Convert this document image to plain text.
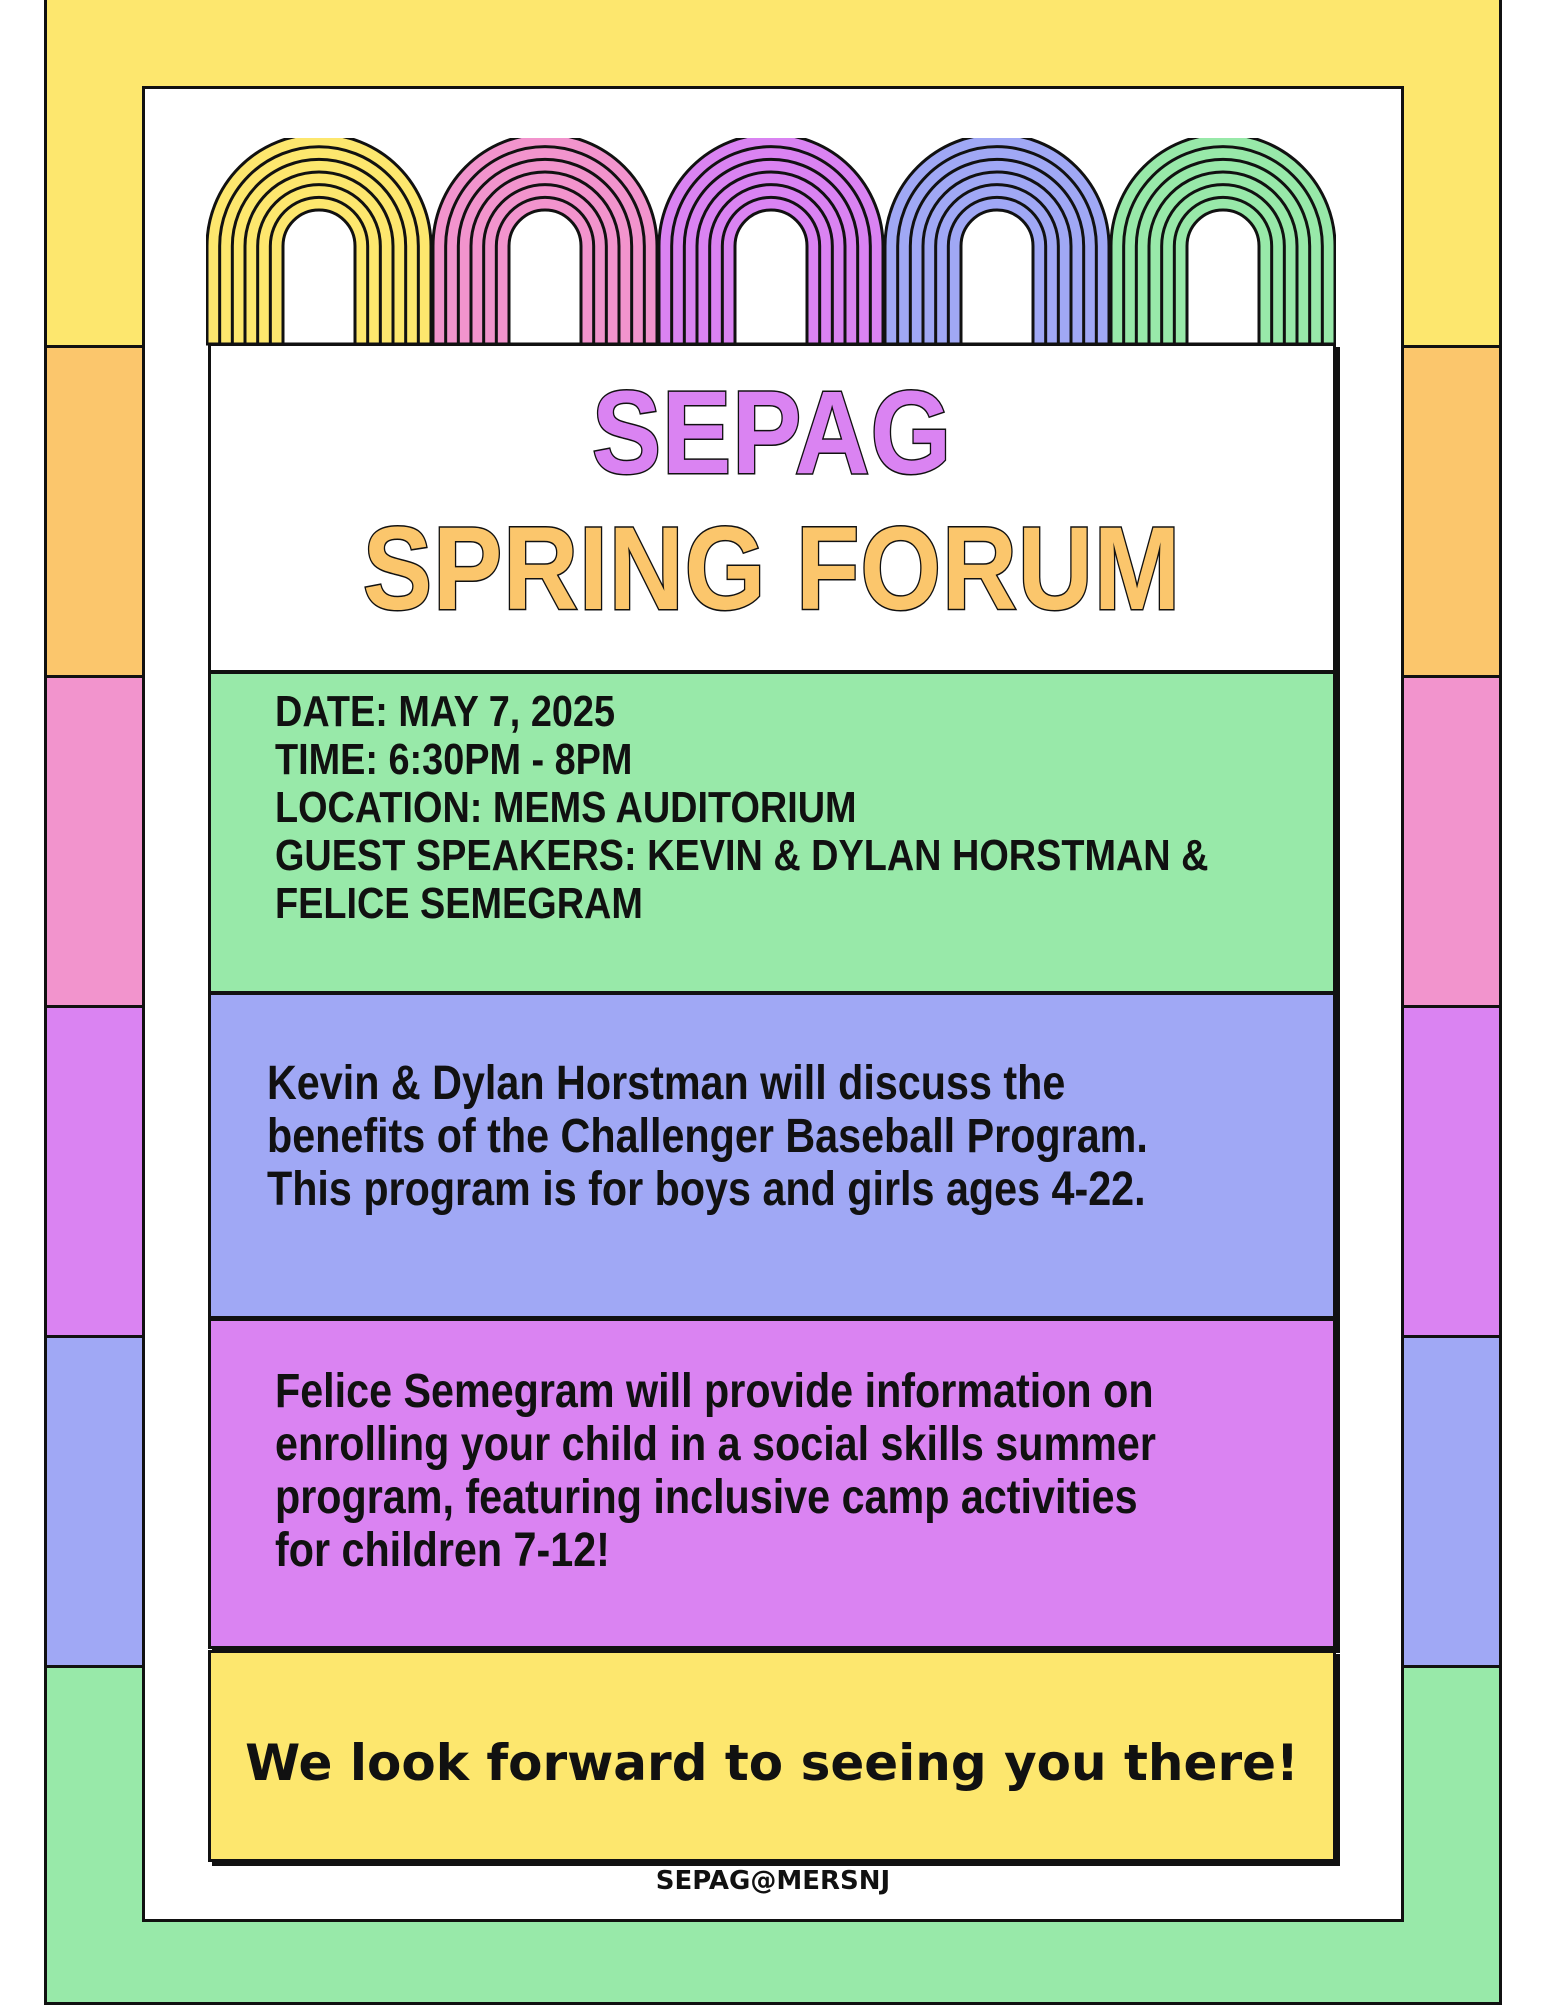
SEPAG
SPRING FORUM
DATE: MAY 7, 2025
TIME: 6:30PM - 8PM
LOCATION: MEMS AUDITORIUM
GUEST SPEAKERS: KEVIN & DYLAN HORSTMAN &
FELICE SEMEGRAM
Kevin & Dylan Horstman will discuss the
benefits of the Challenger Baseball Program.
This program is for boys and girls ages 4-22.
Felice Semegram will provide information on
enrolling your child in a social skills summer
program, featuring inclusive camp activities
for children 7-12!
We look forward to seeing you there!
SEPAG@MERSNJ
